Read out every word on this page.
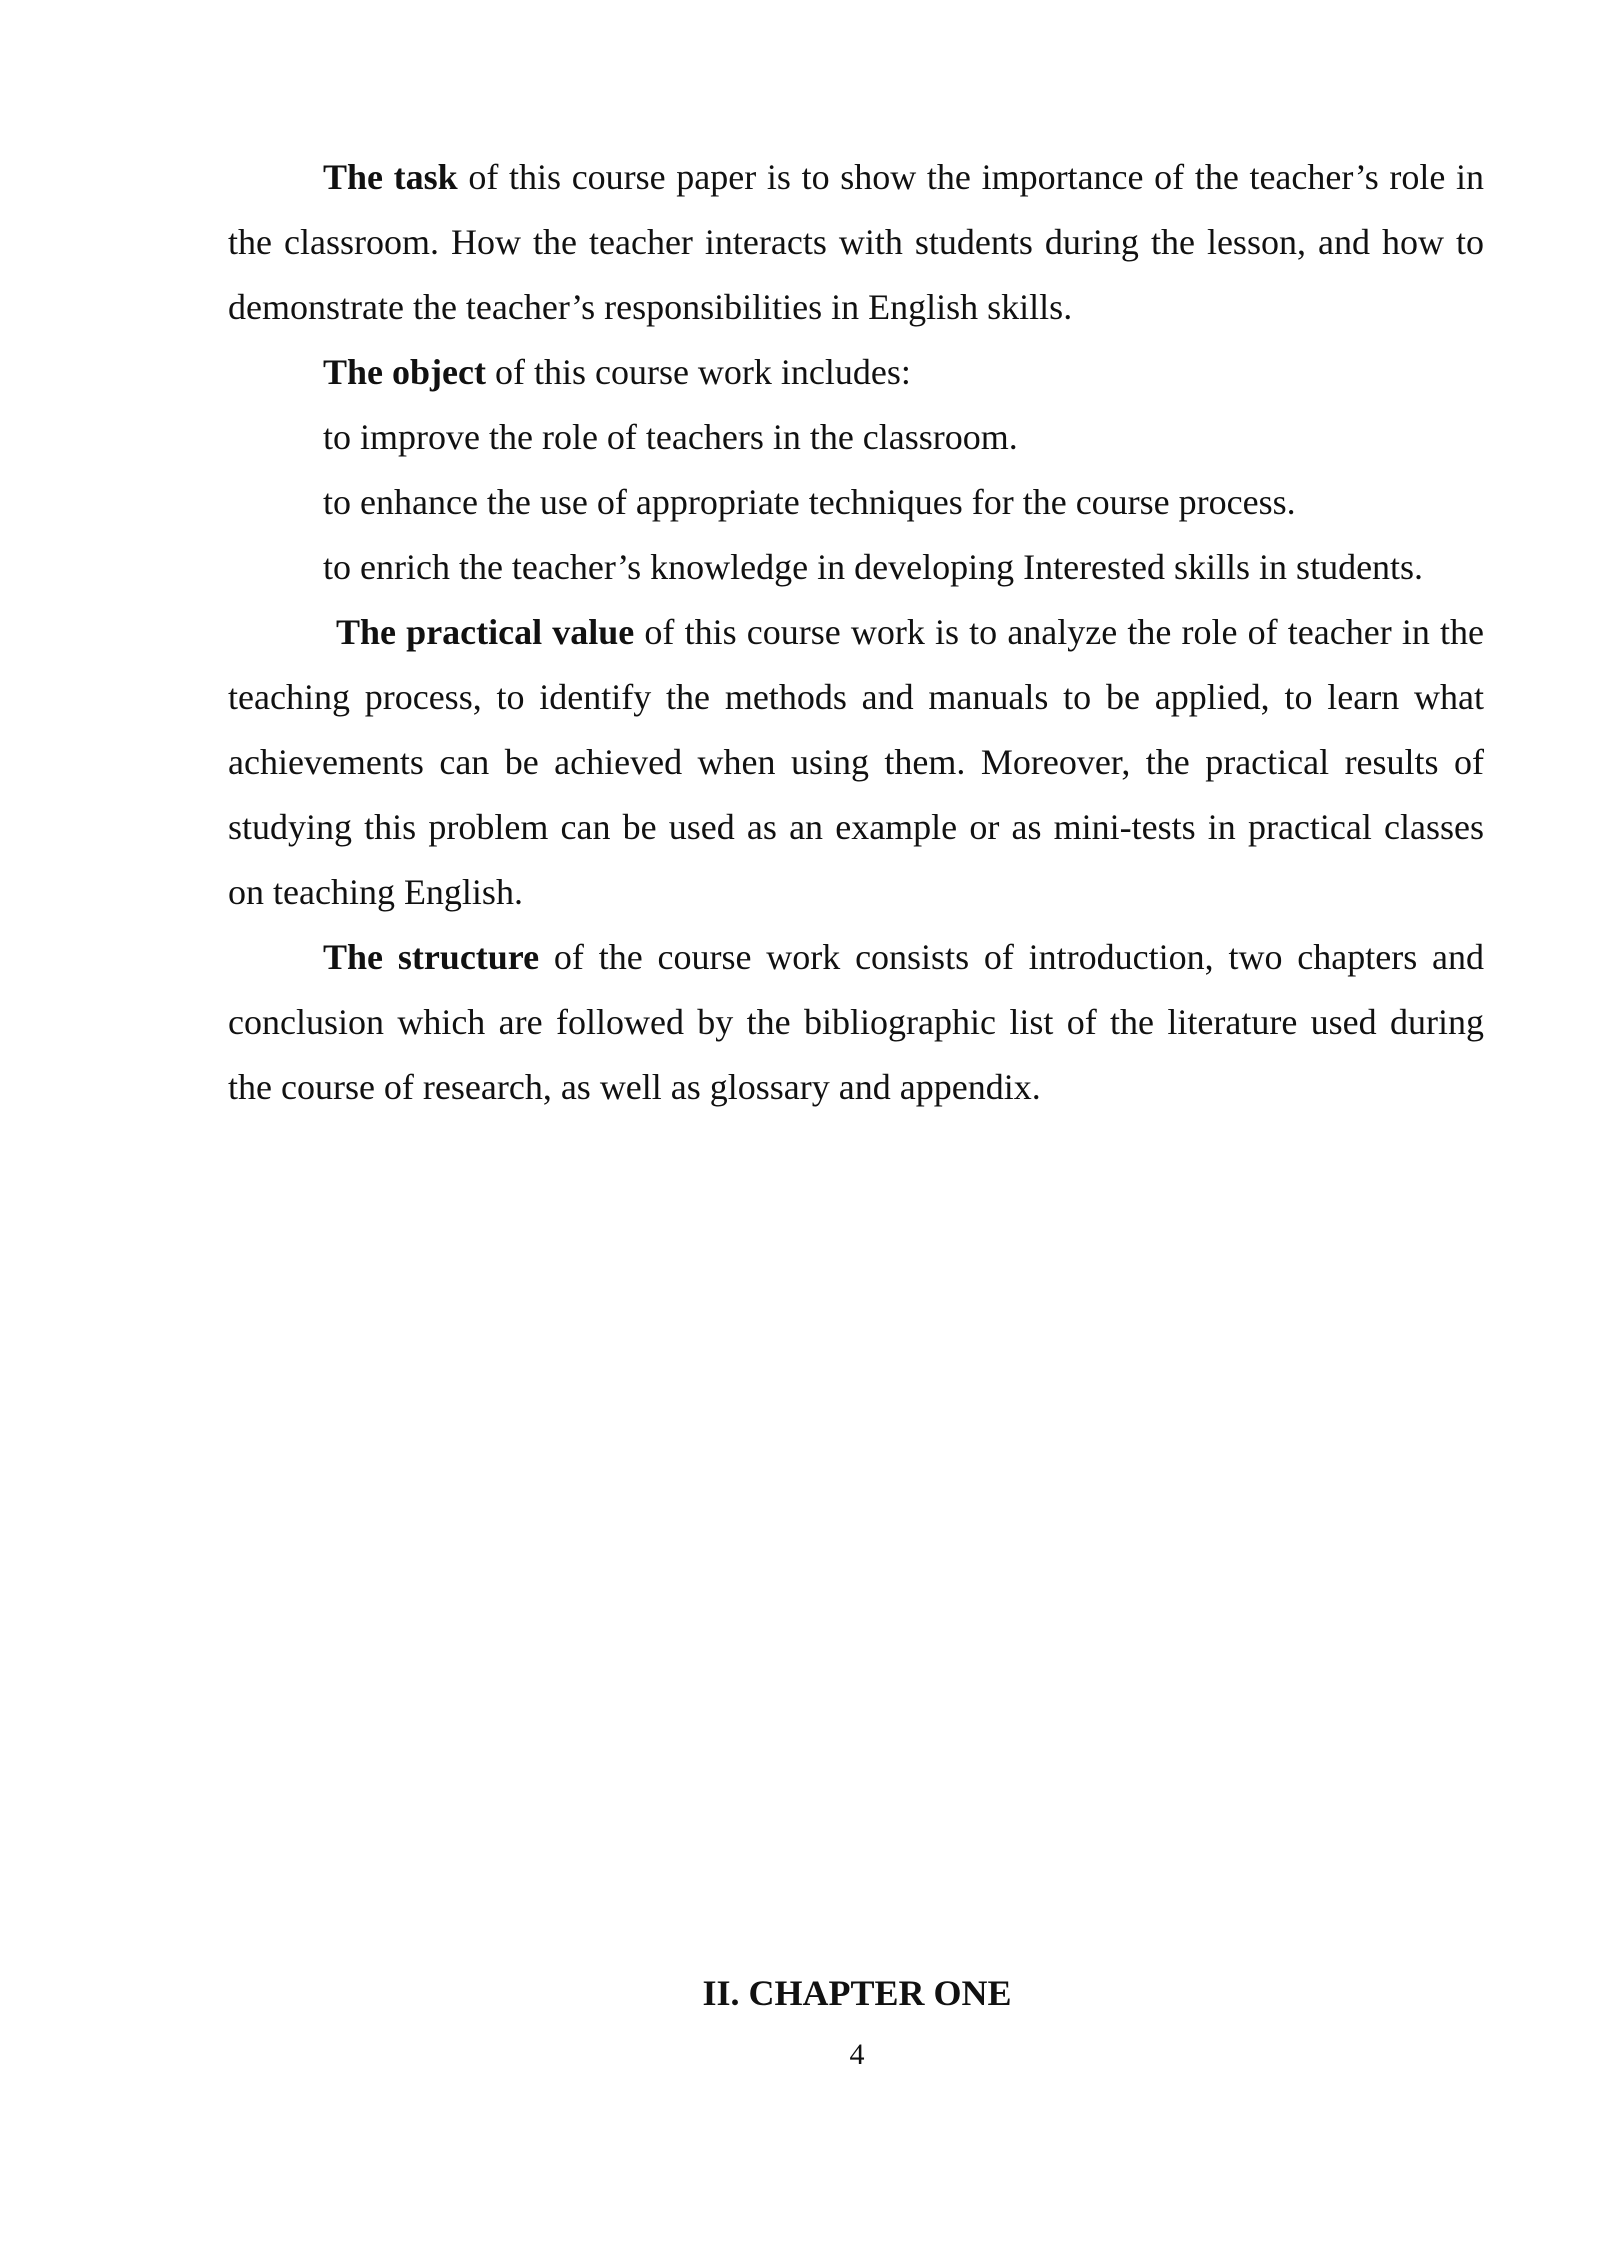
The task of this course paper is to show the importance of the teacher’s role in the classroom. How the teacher interacts with students during the lesson, and how to demonstrate the teacher’s responsibilities in English skills.

The object of this course work includes:

to improve the role of teachers in the classroom.

to enhance the use of appropriate techniques for the course process.

to enrich the teacher’s knowledge in developing Interested skills in students.

The practical value of this course work is to analyze the role of teacher in the teaching process, to identify the methods and manuals to be applied, to learn what achievements can be achieved when using them. Moreover, the practical results of studying this problem can be used as an example or as mini-tests in practical classes on teaching English.

The structure of the course work consists of introduction, two chapters and conclusion which are followed by the bibliographic list of the literature used during the course of research, as well as glossary and appendix.

II. CHAPTER ONE

4
